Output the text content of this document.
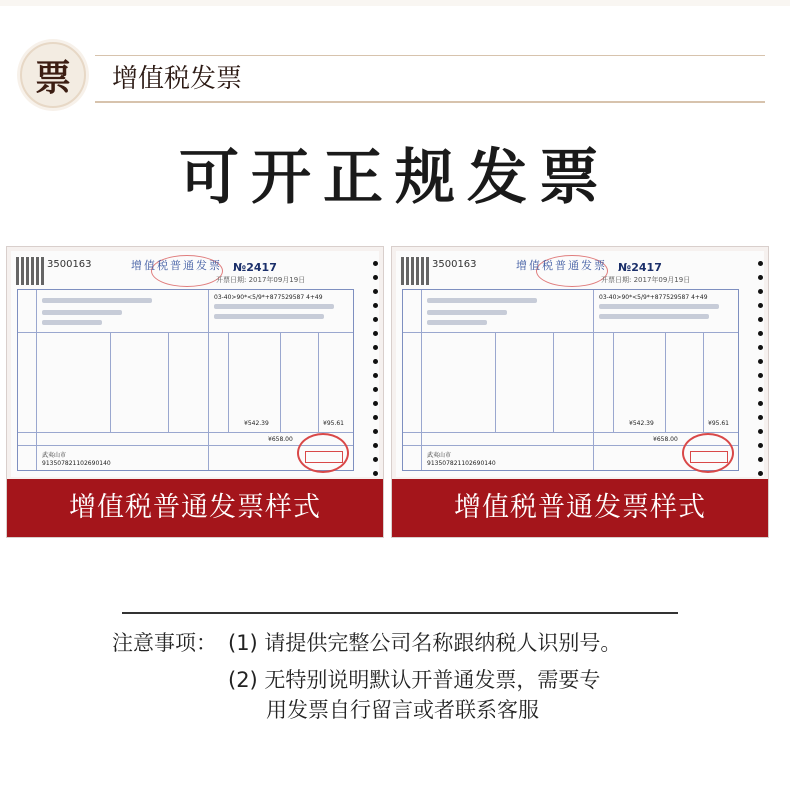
票 增值税发票
可开正规发票
3500163	增值税普通发票 №2417
开票日期: 2017年09月19日
03-40>90*<5/9*+877529587 4+49
¥542.39	¥95.61
¥658.00
武夷山市
913507821102690140
增值税普通发票样式
3500163	增值税普通发票 №2417
开票日期: 2017年09月19日
03-40>90*<5/9*+877529587 4+49
¥542.39	¥95.61
¥658.00
武夷山市
913507821102690140
增值税普通发票样式
注意事项： (1) 请提供完整公司名称跟纳税人识别号。
(2) 无特别说明默认开普通发票，需要专
用发票自行留言或者联系客服
